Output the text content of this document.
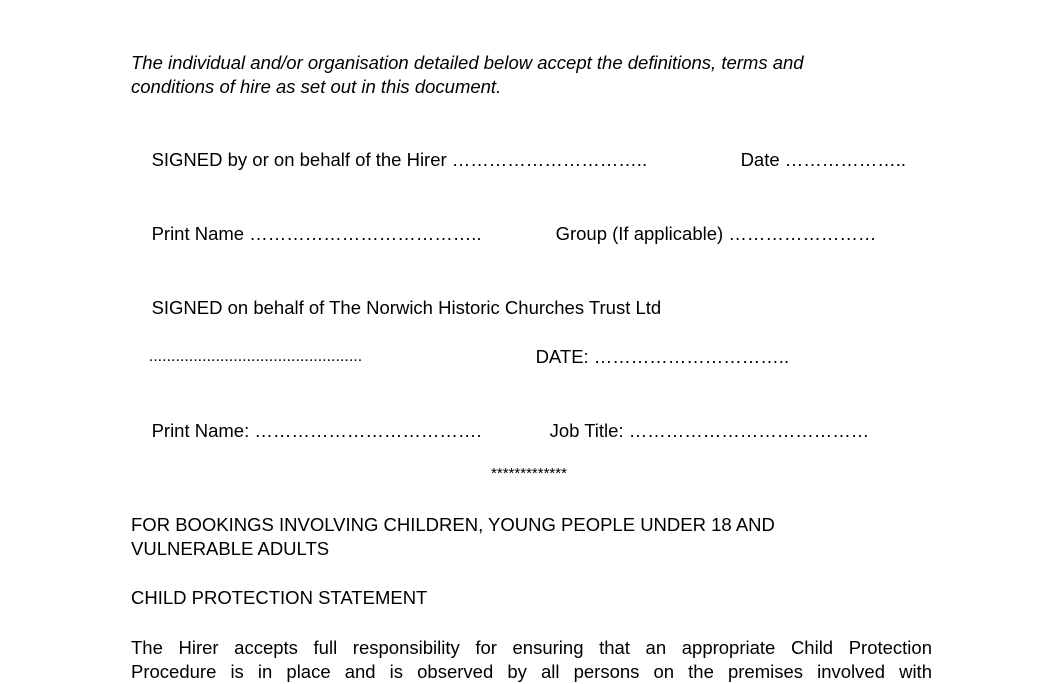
The individual and/or organisation detailed below accept the definitions, terms and

conditions of hire as set out in this document.

SIGNED by or on behalf of the Hirer …………………………..
	Date ………………..

Print Name ………………………………..
	Group (If applicable) ……………………

SIGNED on behalf of The Norwich Historic Churches Trust Ltd

................................................
	DATE: …………………………..

Print Name: ……………………………….
	Job Title: …………………………………

*************
FOR BOOKINGS INVOLVING CHILDREN, YOUNG PEOPLE UNDER 18 AND
VULNERABLE ADULTS
CHILD PROTECTION STATEMENT
The Hirer accepts full responsibility for ensuring that an appropriate Child Protection
Procedure is in place and is observed by all persons on the premises involved with
